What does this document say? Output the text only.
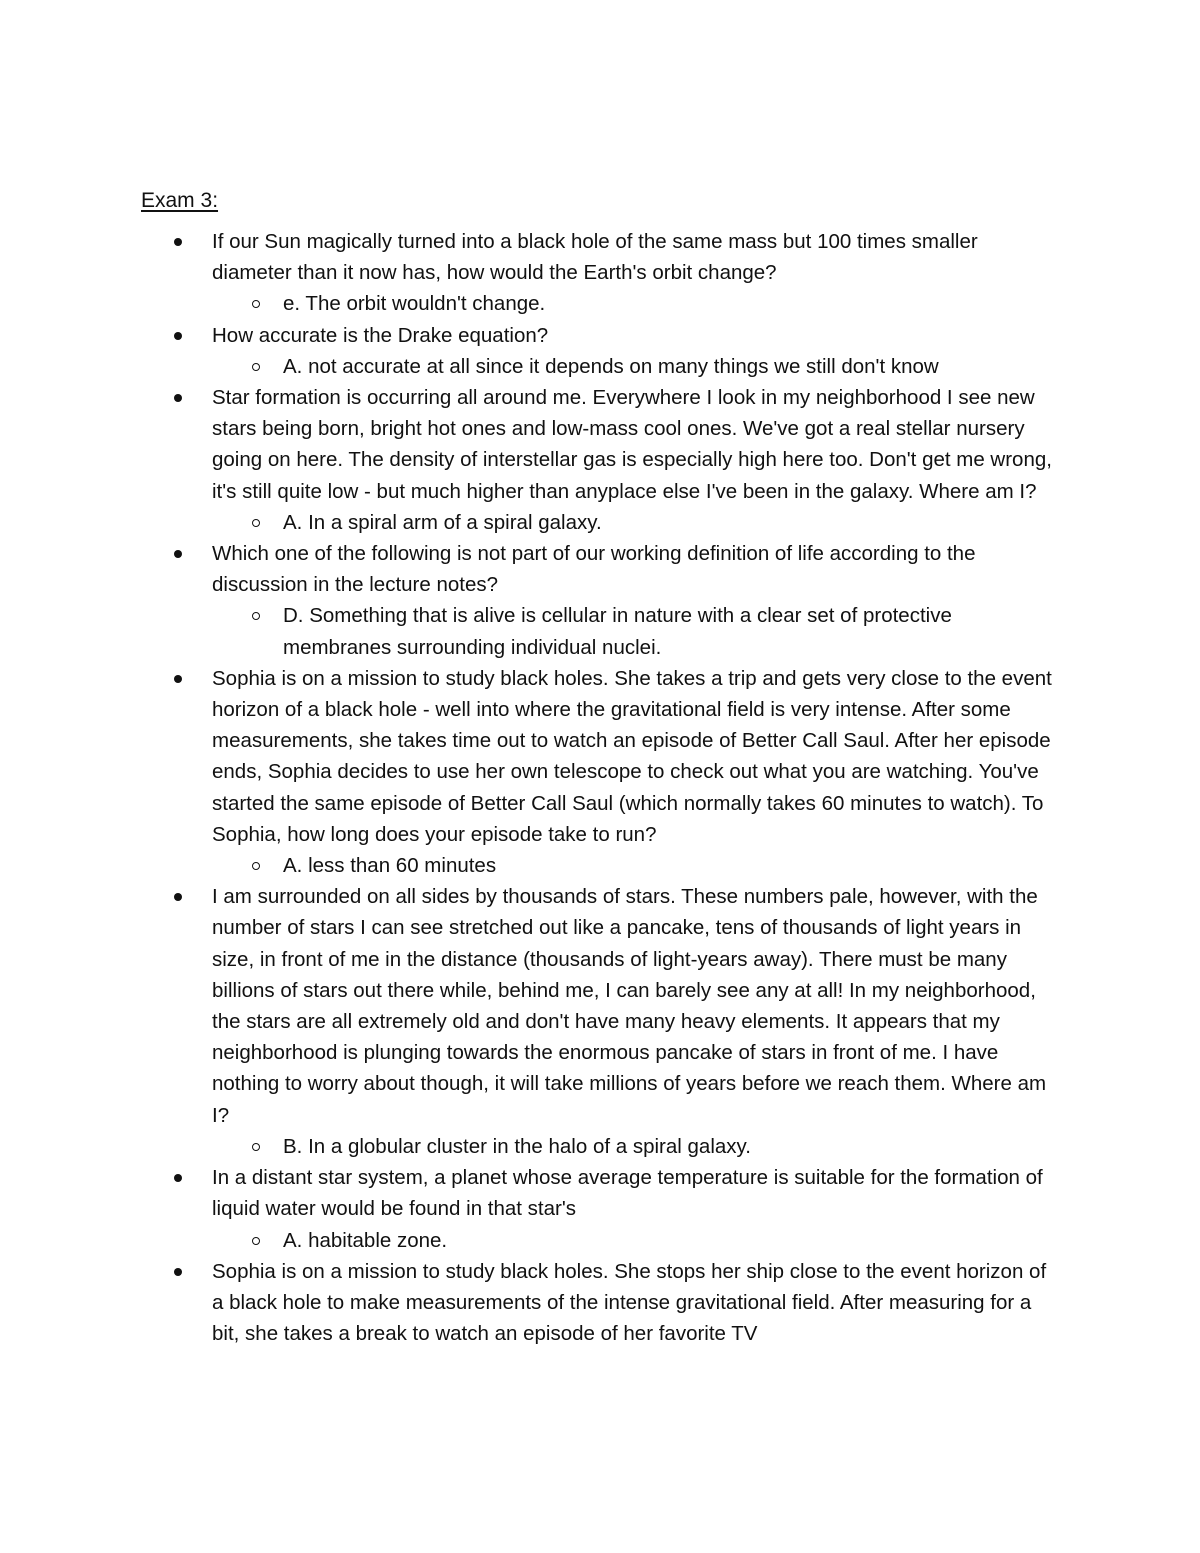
Exam 3:
If our Sun magically turned into a black hole of the same mass but 100 times smaller diameter than it now has, how would the Earth's orbit change?
e. The orbit wouldn't change.
How accurate is the Drake equation?
A. not accurate at all since it depends on many things we still don't know
Star formation is occurring all around me. Everywhere I look in my neighborhood I see new stars being born, bright hot ones and low-mass cool ones. We've got a real stellar nursery going on here. The density of interstellar gas is especially high here too. Don't get me wrong, it's still quite low - but much higher than anyplace else I've been in the galaxy. Where am I?
A. In a spiral arm of a spiral galaxy.
Which one of the following is not part of our working definition of life according to the discussion in the lecture notes?
D. Something that is alive is cellular in nature with a clear set of protective membranes surrounding individual nuclei.
Sophia is on a mission to study black holes. She takes a trip and gets very close to the event horizon of a black hole - well into where the gravitational field is very intense. After some measurements, she takes time out to watch an episode of Better Call Saul. After her episode ends, Sophia decides to use her own telescope to check out what you are watching. You've started the same episode of Better Call Saul (which normally takes 60 minutes to watch). To Sophia, how long does your episode take to run?
A. less than 60 minutes
I am surrounded on all sides by thousands of stars. These numbers pale, however, with the number of stars I can see stretched out like a pancake, tens of thousands of light years in size, in front of me in the distance (thousands of light-years away). There must be many billions of stars out there while, behind me, I can barely see any at all! In my neighborhood, the stars are all extremely old and don't have many heavy elements. It appears that my neighborhood is plunging towards the enormous pancake of stars in front of me. I have nothing to worry about though, it will take millions of years before we reach them. Where am I?
B. In a globular cluster in the halo of a spiral galaxy.
In a distant star system, a planet whose average temperature is suitable for the formation of liquid water would be found in that star's
A. habitable zone.
Sophia is on a mission to study black holes. She stops her ship close to the event horizon of a black hole to make measurements of the intense gravitational field. After measuring for a bit, she takes a break to watch an episode of her favorite TV
